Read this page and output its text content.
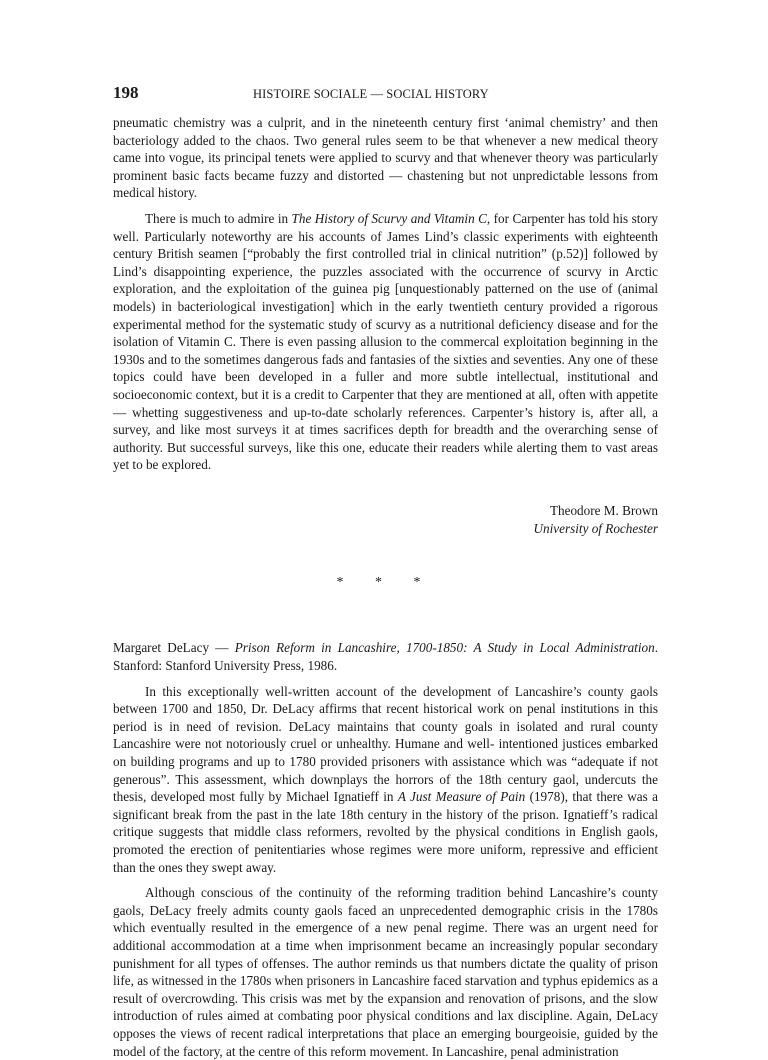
198	HISTOIRE SOCIALE — SOCIAL HISTORY

pneumatic chemistry was a culprit, and in the nineteenth century first ‘animal chemistry’ and then bacteriology added to the chaos. Two general rules seem to be that whenever a new medical theory came into vogue, its principal tenets were applied to scurvy and that whenever theory was particularly prominent basic facts became fuzzy and distorted — chastening but not unpredictable lessons from medical history.

There is much to admire in The History of Scurvy and Vitamin C, for Carpenter has told his story well. Particularly noteworthy are his accounts of James Lind’s classic experiments with eighteenth century British seamen [“probably the first controlled trial in clinical nutrition” (p.52)] followed by Lind’s disappointing experience, the puzzles associated with the occurrence of scurvy in Arctic exploration, and the exploitation of the guinea pig [unquestionably patterned on the use of (animal models) in bacteriological investigation] which in the early twentieth century provided a rigorous experimental method for the systematic study of scurvy as a nutritional deficiency disease and for the isolation of Vitamin C. There is even passing allusion to the commercal exploitation beginning in the 1930s and to the sometimes dangerous fads and fantasies of the sixties and seventies. Any one of these topics could have been developed in a fuller and more subtle intellectual, institutional and socioeconomic context, but it is a credit to Carpenter that they are mentioned at all, often with appetite — whetting suggestiveness and up-to-date scholarly references. Carpenter’s history is, after all, a survey, and like most surveys it at times sacrifices depth for breadth and the overarching sense of authority. But successful surveys, like this one, educate their readers while alerting them to vast areas yet to be explored.

Theodore M. Brown
University of Rochester
* * *

Margaret DeLacy — Prison Reform in Lancashire, 1700-1850: A Study in Local Administration. Stanford: Stanford University Press, 1986.

In this exceptionally well-written account of the development of Lancashire’s county gaols between 1700 and 1850, Dr. DeLacy affirms that recent historical work on penal institutions in this period is in need of revision. DeLacy maintains that county goals in isolated and rural county Lancashire were not notoriously cruel or unhealthy. Humane and well- intentioned justices embarked on building programs and up to 1780 provided prisoners with assistance which was “adequate if not generous”. This assessment, which downplays the horrors of the 18th century gaol, undercuts the thesis, developed most fully by Michael Ignatieff in A Just Measure of Pain (1978), that there was a significant break from the past in the late 18th century in the history of the prison. Ignatieff’s radical critique suggests that middle class reformers, revolted by the physical conditions in English gaols, promoted the erection of penitentiaries whose regimes were more uniform, repressive and efficient than the ones they swept away.

Although conscious of the continuity of the reforming tradition behind Lancashire’s county gaols, DeLacy freely admits county gaols faced an unprecedented demographic crisis in the 1780s which eventually resulted in the emergence of a new penal regime. There was an urgent need for additional accommodation at a time when imprisonment became an increasingly popular secondary punishment for all types of offenses. The author reminds us that numbers dictate the quality of prison life, as witnessed in the 1780s when prisoners in Lancashire faced starvation and typhus epidemics as a result of overcrowding. This crisis was met by the expansion and renovation of prisons, and the slow introduction of rules aimed at combating poor physical conditions and lax discipline. Again, DeLacy opposes the views of recent radical interpretations that place an emerging bourgeoisie, guided by the model of the factory, at the centre of this reform movement. In Lancashire, penal administration
